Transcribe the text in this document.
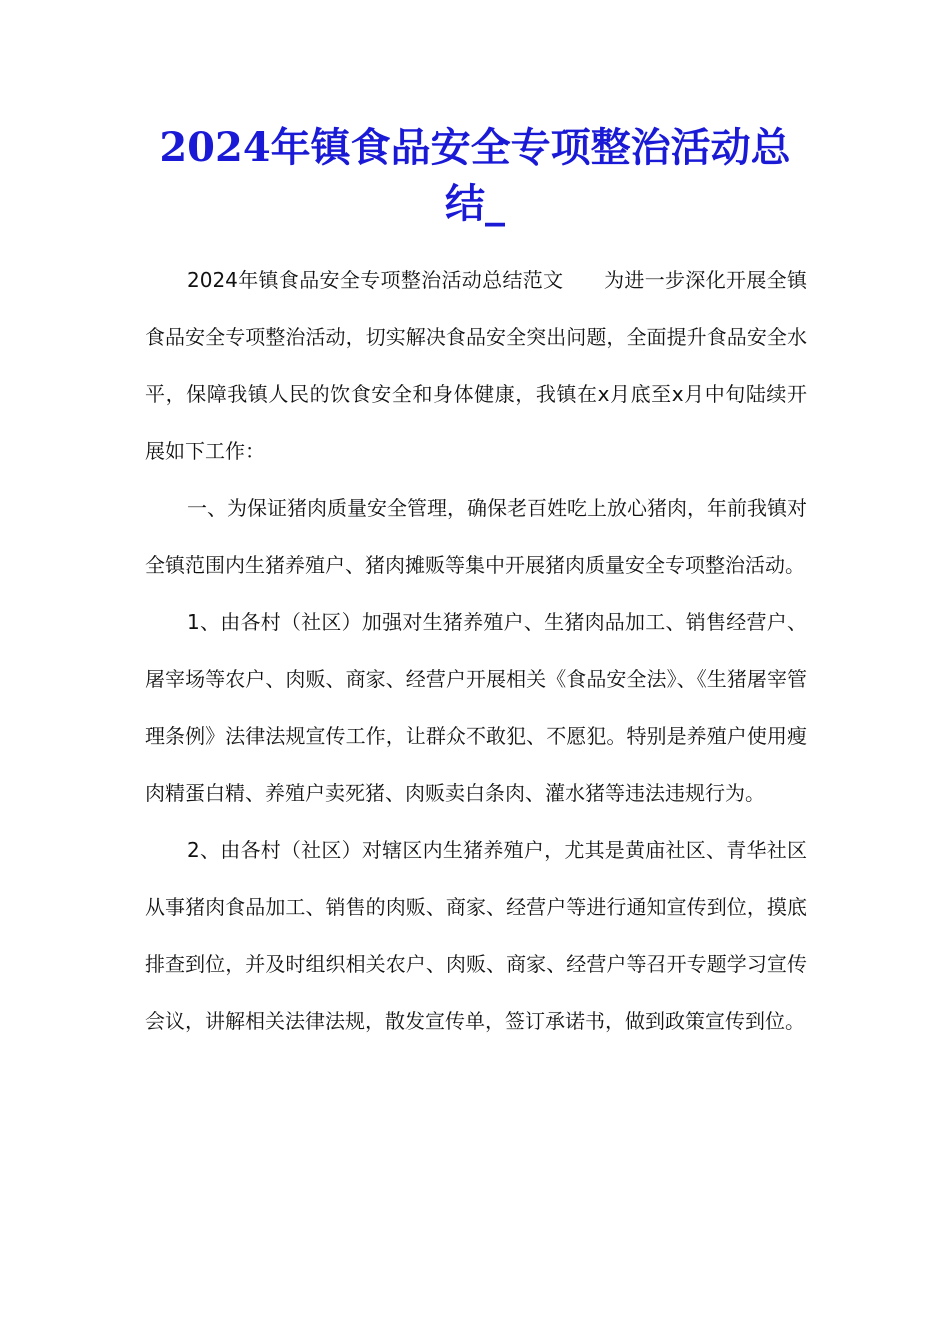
2024年镇食品安全专项整治活动总结_

2024年镇食品安全专项整治活动总结范文　　为进一步深化开展全镇食品安全专项整治活动，切实解决食品安全突出问题，全面提升食品安全水平，保障我镇人民的饮食安全和身体健康，我镇在x月底至x月中旬陆续开展如下工作：

一、为保证猪肉质量安全管理，确保老百姓吃上放心猪肉，年前我镇对全镇范围内生猪养殖户、猪肉摊贩等集中开展猪肉质量安全专项整治活动。

1、由各村（社区）加强对生猪养殖户、生猪肉品加工、销售经营户、屠宰场等农户、肉贩、商家、经营户开展相关《食品安全法》、《生猪屠宰管理条例》法律法规宣传工作，让群众不敢犯、不愿犯。特别是养殖户使用瘦肉精蛋白精、养殖户卖死猪、肉贩卖白条肉、灌水猪等违法违规行为。

2、由各村（社区）对辖区内生猪养殖户，尤其是黄庙社区、青华社区从事猪肉食品加工、销售的肉贩、商家、经营户等进行通知宣传到位，摸底排查到位，并及时组织相关农户、肉贩、商家、经营户等召开专题学习宣传会议，讲解相关法律法规，散发宣传单，签订承诺书，做到政策宣传到位。
